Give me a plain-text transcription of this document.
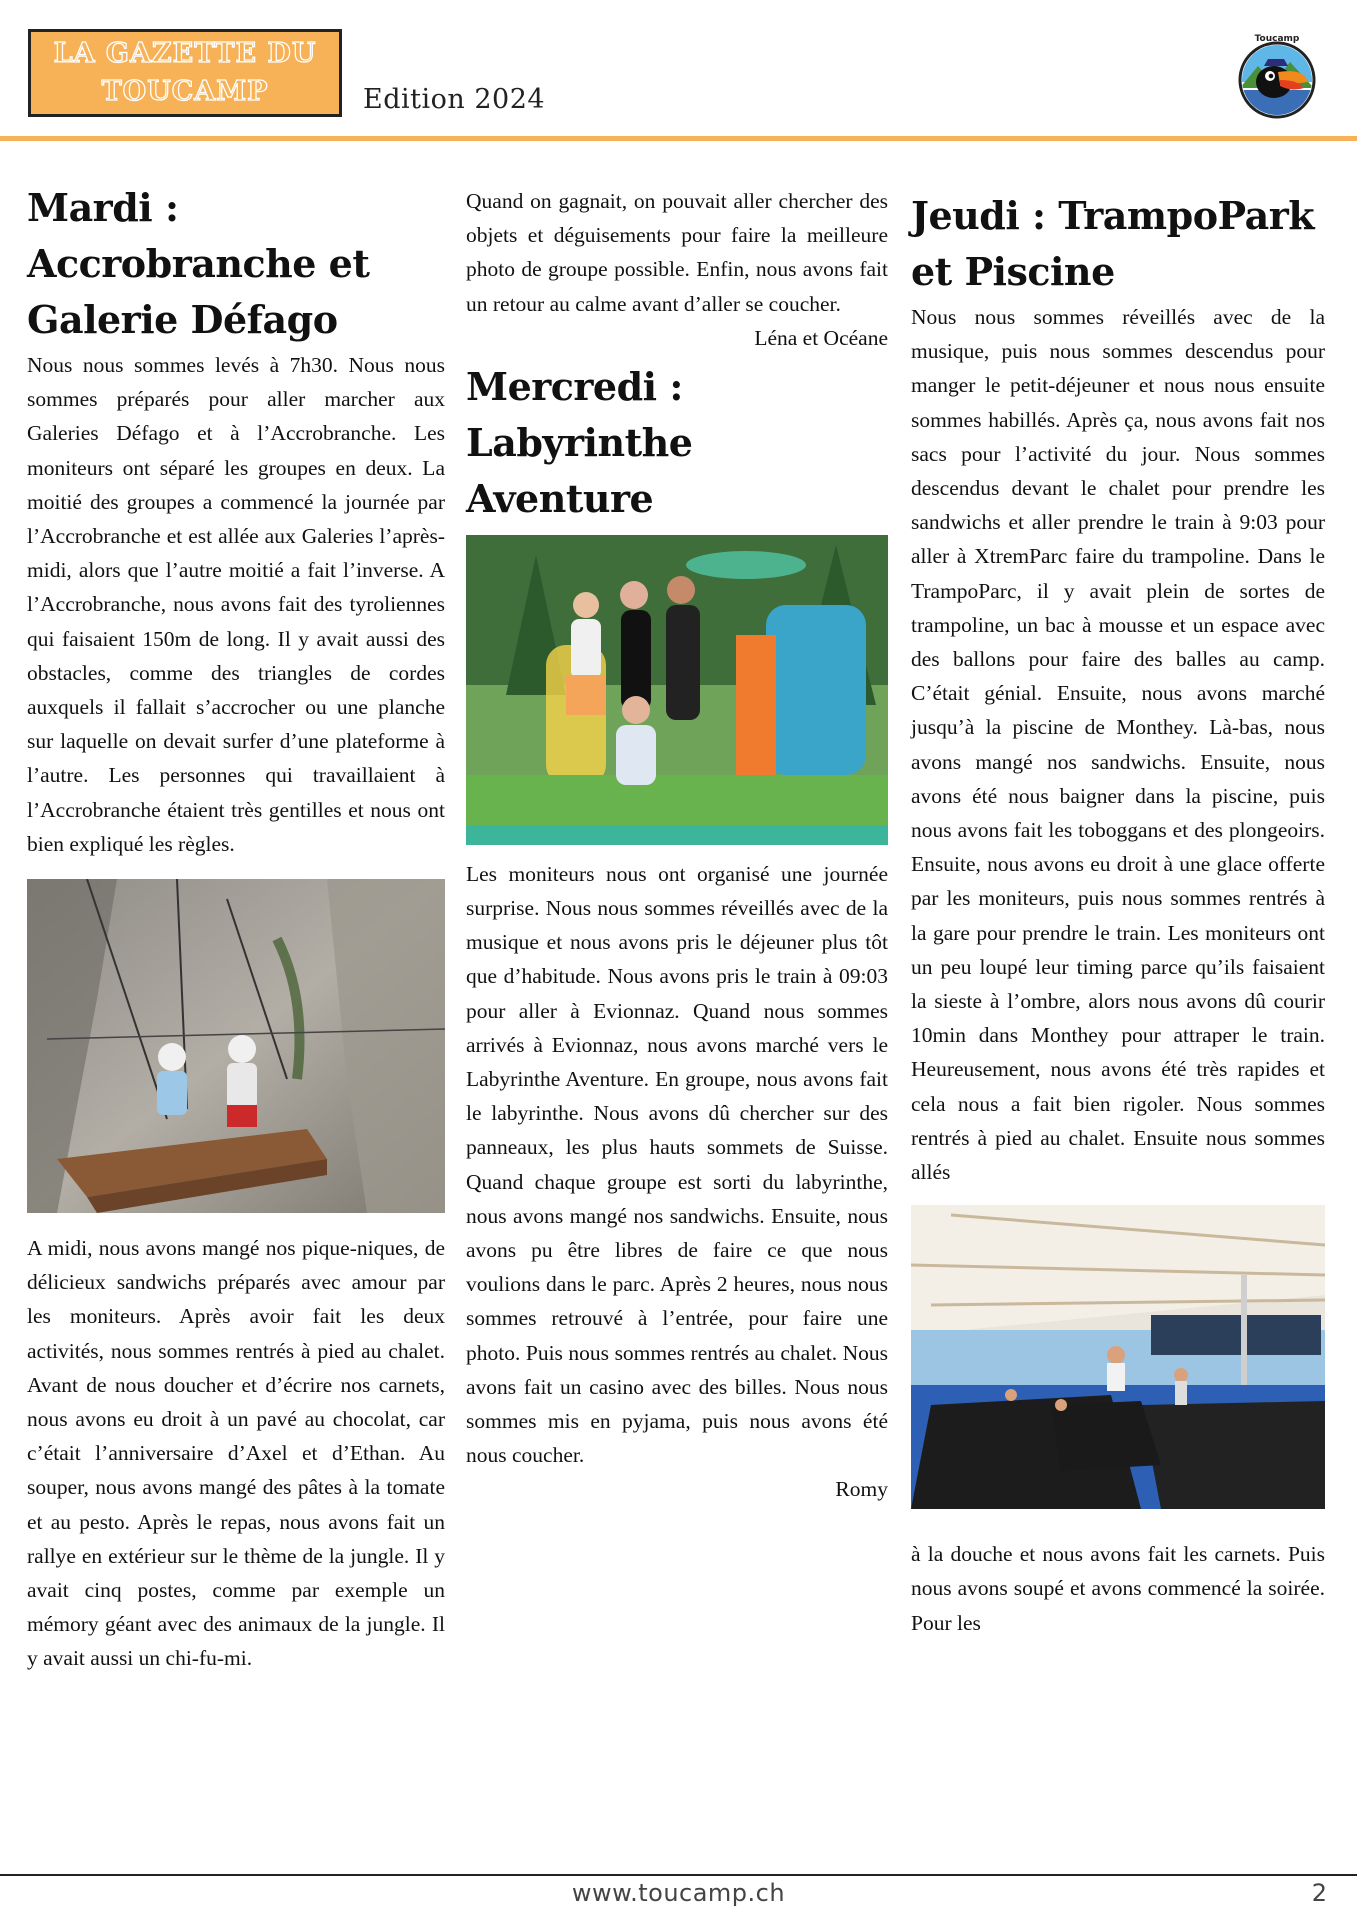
LA GAZETTE DU
TOUCAMP	Edition 2024
Toucamp
Mardi : Accrobranche et Galerie Défago

Nous nous sommes levés à 7h30. Nous nous sommes préparés pour aller marcher aux Galeries Défago et à l’Accrobranche. Les moniteurs ont séparé les groupes en deux. La moitié des groupes a commencé la journée par l’Accrobranche et est allée aux Galeries l’après-midi, alors que l’autre moitié a fait l’inverse. A l’Accrobranche, nous avons fait des tyroliennes qui faisaient 150m de long. Il y avait aussi des obstacles, comme des triangles de cordes auxquels il fallait s’accrocher ou une planche sur laquelle on devait surfer d’une plateforme à l’autre. Les personnes qui travaillaient à l’Accrobranche étaient très gentilles et nous ont bien expliqué les règles.

A midi, nous avons mangé nos pique-niques, de délicieux sandwichs préparés avec amour par les moniteurs. Après avoir fait les deux activités, nous sommes rentrés à pied au chalet. Avant de nous doucher et d’écrire nos carnets, nous avons eu droit à un pavé au chocolat, car c’était l’anniversaire d’Axel et d’Ethan. Au souper, nous avons mangé des pâtes à la tomate et au pesto. Après le repas, nous avons fait un rallye en extérieur sur le thème de la jungle. Il y avait cinq postes, comme par exemple un mémory géant avec des animaux de la jungle. Il y avait aussi un chi-fu-mi.

Quand on gagnait, on pouvait aller chercher des objets et déguisements pour faire la meilleure photo de groupe possible. Enfin, nous avons fait un retour au calme avant d’aller se coucher.

Léna et Océane
Mercredi : Labyrinthe Aventure

Les moniteurs nous ont organisé une journée surprise. Nous nous sommes réveillés avec de la musique et nous avons pris le déjeuner plus tôt que d’habitude. Nous avons pris le train à 09:03 pour aller à Evionnaz. Quand nous sommes arrivés à Evionnaz, nous avons marché vers le Labyrinthe Aventure. En groupe, nous avons fait le labyrinthe. Nous avons dû chercher sur des panneaux, les plus hauts sommets de Suisse. Quand chaque groupe est sorti du labyrinthe, nous avons mangé nos sandwichs. Ensuite, nous avons pu être libres de faire ce que nous voulions dans le parc. Après 2 heures, nous nous sommes retrouvé à l’entrée, pour faire une photo. Puis nous sommes rentrés au chalet. Nous avons fait un casino avec des billes. Nous nous sommes mis en pyjama, puis nous avons été nous coucher.

Romy
Jeudi : TrampoPark et Piscine

Nous nous sommes réveillés avec de la musique, puis nous sommes descendus pour manger le petit-déjeuner et nous nous ensuite sommes habillés. Après ça, nous avons fait nos sacs pour l’activité du jour. Nous sommes descendus devant le chalet pour prendre les sandwichs et aller prendre le train à 9:03 pour aller à XtremParc faire du trampoline. Dans le TrampoParc, il y avait plein de sortes de trampoline, un bac à mousse et un espace avec des ballons pour faire des balles au camp. C’était génial. Ensuite, nous avons marché jusqu’à la piscine de Monthey. Là-bas, nous avons mangé nos sandwichs. Ensuite, nous avons été nous baigner dans la piscine, puis nous avons fait les toboggans et des plongeoirs. Ensuite, nous avons eu droit à une glace offerte par les moniteurs, puis nous sommes rentrés à la gare pour prendre le train. Les moniteurs ont un peu loupé leur timing parce qu’ils faisaient la sieste à l’ombre, alors nous avons dû courir 10min dans Monthey pour attraper le train. Heureusement, nous avons été très rapides et cela nous a fait bien rigoler. Nous sommes rentrés à pied au chalet. Ensuite nous sommes allés

à la douche et nous avons fait les carnets. Puis nous avons soupé et avons commencé la soirée. Pour les

www.toucamp.ch	2
